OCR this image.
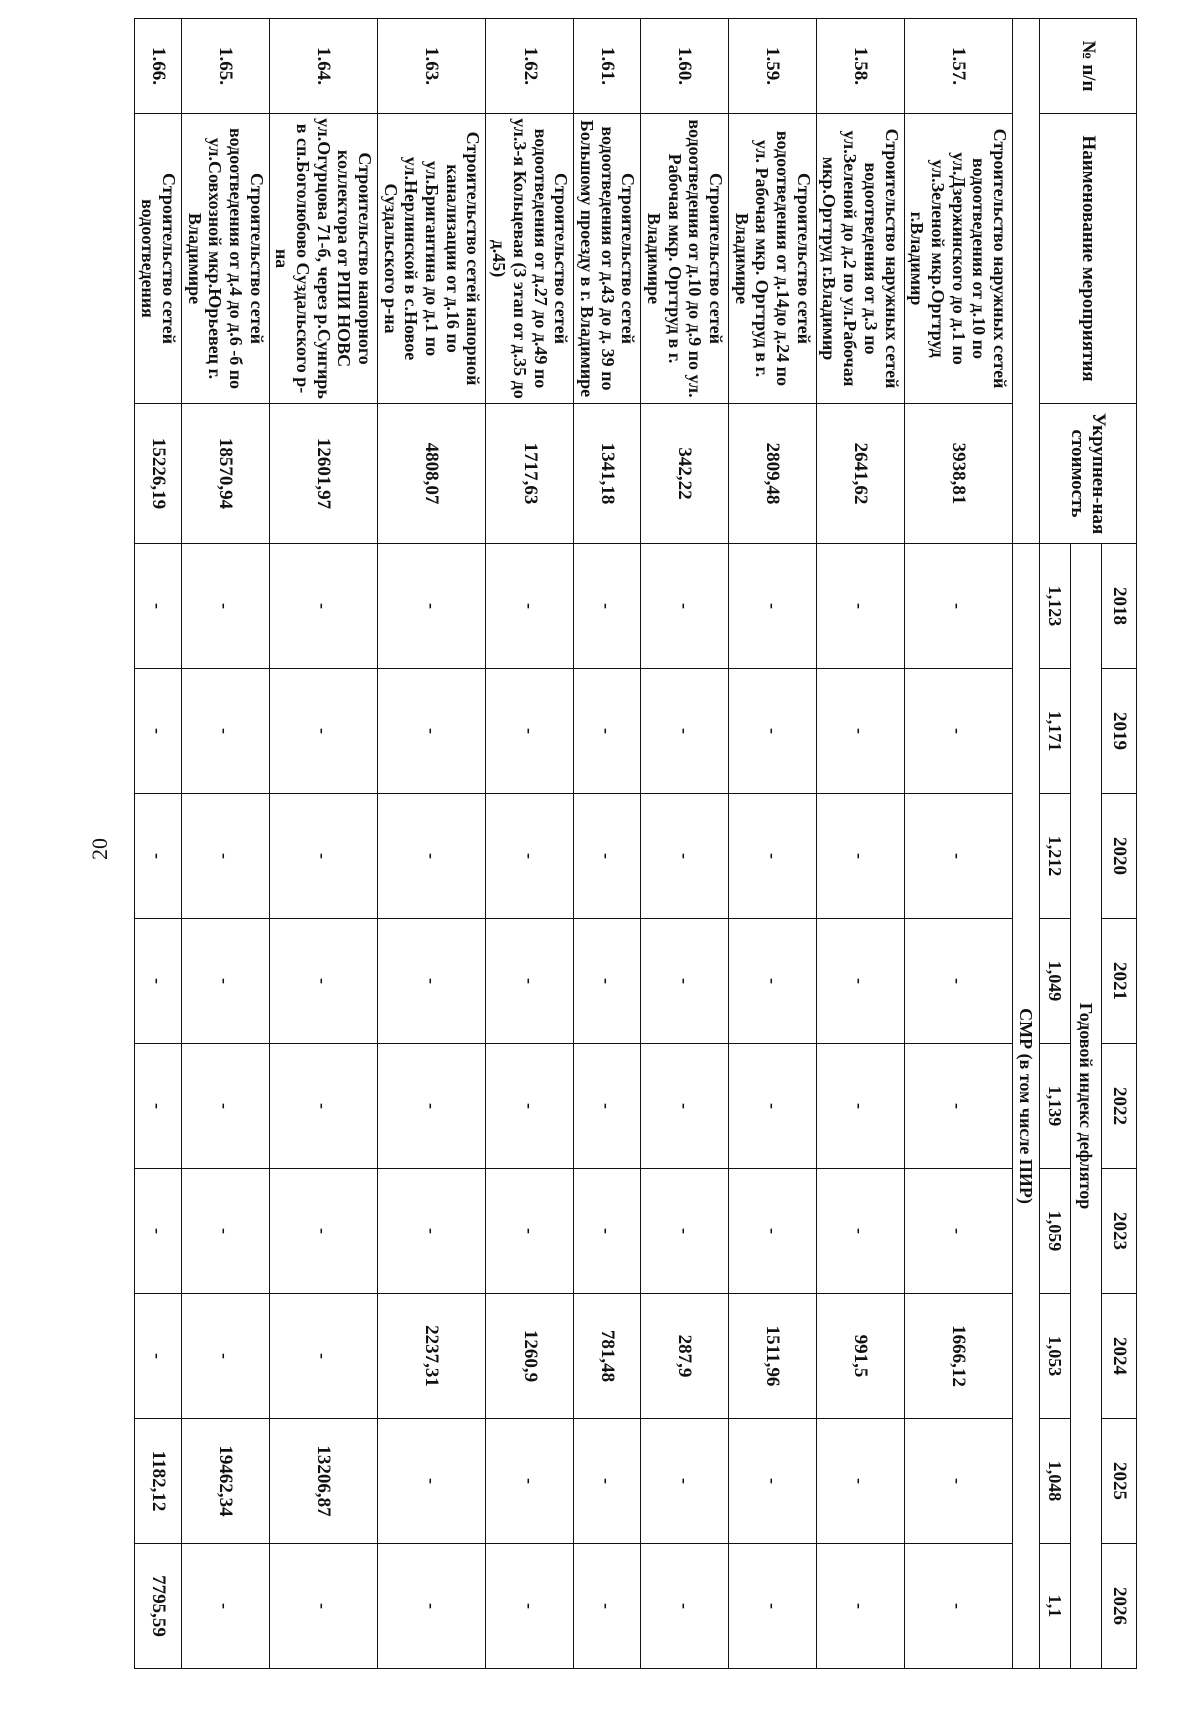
20
№ п/п	Наименование мероприятия	Укрупнен-ная стоимость	2018	2019	2020	2021	2022	2023	2024	2025	2026
			Годовой индекс дефлятор								
			1,123	1,171	1,212	1,049	1,139	1,059	1,053	1,048	1,1
			СМР (в том числе ПИР)								
1.57.	Строительство наружных сетей водоотведения от д.10 по ул.Дзержинского до д.1 по ул.Зеленой мкр.Оргтруд г.Владимир	3938,81	-	-	-	-	-	-	1666,12	-	-
1.58.	Строительство наружных сетей водоотведения от д.3 по ул.Зеленой до д.2 по ул.Рабочая мкр.Оргтруд г.Владимир	2641,62	-	-	-	-	-	-	991,5	-	-
1.59.	Строительство сетей водоотведения от д.14до д.24 по ул. Рабочая мкр. Оргтруд в г. Владимире	2809,48	-	-	-	-	-	-	1511,96	-	-
1.60.	Строительство сетей водоотведения от д.10 до д.9 по ул. Рабочая мкр. Оргтруд в г. Владимире	342,22	-	-	-	-	-	-	287,9	-	-
1.61.	Строительство сетей водоотведения от д.43 до д. 39 по Большому проезду в г. Владимире	1341,18	-	-	-	-	-	-	781,48	-	-
1.62.	Строительство сетей водоотведения от д.27 до д.49 по ул.3-я Кольцевая (3 этап от д.35 до д.45)	1717,63	-	-	-	-	-	-	1260,9	-	-
1.63.	Строительство сетей напорной канализации от д.16 по ул.Бригантина до д.1 по ул.Нерлинской в с.Новое Суздальского р-на	4808,07	-	-	-	-	-	-	2237,31	-	-
1.64.	Строительство напорного коллектора от РПИ НОВС ул.Огурцова 71-б, через р.Сунгирь в сп.Боголюбово Суздальского р-на	12601,97	-	-	-	-	-	-	-	13206,87	-
1.65.	Строительство сетей водоотведения от д.4 до д.6 -б по ул.Совхозной мкр.Юрьевец г. Владимире	18570,94	-	-	-	-	-	-	-	19462,34	-
1.66.	Строительство сетей водоотведения	15226,19	-	-	-	-	-	-	-	1182,12	7795,59
